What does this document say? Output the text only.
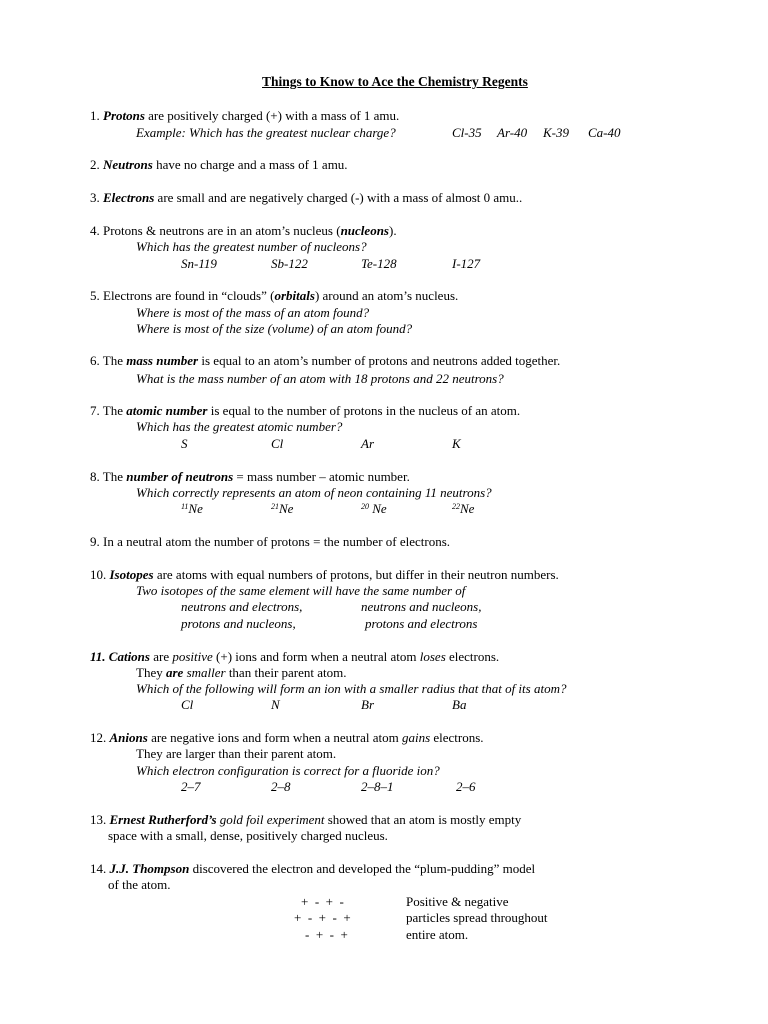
Things to Know to Ace the Chemistry Regents
1. Protons are positively charged (+) with a mass of 1 amu.
Example: Which has the greatest nuclear charge?	Cl-35 Ar-40 K-39 Ca-40
2. Neutrons have no charge and a mass of 1 amu.
3. Electrons are small and are negatively charged (-) with a mass of almost 0 amu..
4. Protons & neutrons are in an atom’s nucleus (nucleons).
Which has the greatest number of nucleons?
Sn-119	Sb-122	Te-128	I-127
5. Electrons are found in “clouds” (orbitals) around an atom’s nucleus.
Where is most of the mass of an atom found?
Where is most of the size (volume) of an atom found?
6. The mass number is equal to an atom’s number of protons and neutrons added together.
What is the mass number of an atom with 18 protons and 22 neutrons?
7. The atomic number is equal to the number of protons in the nucleus of an atom.
Which has the greatest atomic number?
S	Cl	Ar	K
8. The number of neutrons = mass number – atomic number.
Which correctly represents an atom of neon containing 11 neutrons?
$^{11}$Ne	$^{21}$Ne	$^{20}$ Ne	$^{22}$Ne
9. In a neutral atom the number of protons = the number of electrons.
10. Isotopes are atoms with equal numbers of protons, but differ in their neutron numbers.
Two isotopes of the same element will have the same number of
neutrons and electrons,	neutrons and nucleons,
protons and nucleons,	protons and electrons
11. Cations are positive (+) ions and form when a neutral atom loses electrons.
They are smaller than their parent atom.
Which of the following will form an ion with a smaller radius that that of its atom?
Cl	N	Br	Ba
12. Anions are negative ions and form when a neutral atom gains electrons.
They are larger than their parent atom.
Which electron configuration is correct for a fluoride ion?
2–7	2–8	2–8–1	2–6
13. Ernest Rutherford’s gold foil experiment showed that an atom is mostly empty
space with a small, dense, positively charged nucleus.
14. J.J. Thompson discovered the electron and developed the “plum-pudding” model
of the atom.
+  -  +  -
+  -  +  -  +
-  +  -  +
Positive & negative
particles spread throughout
entire atom.
